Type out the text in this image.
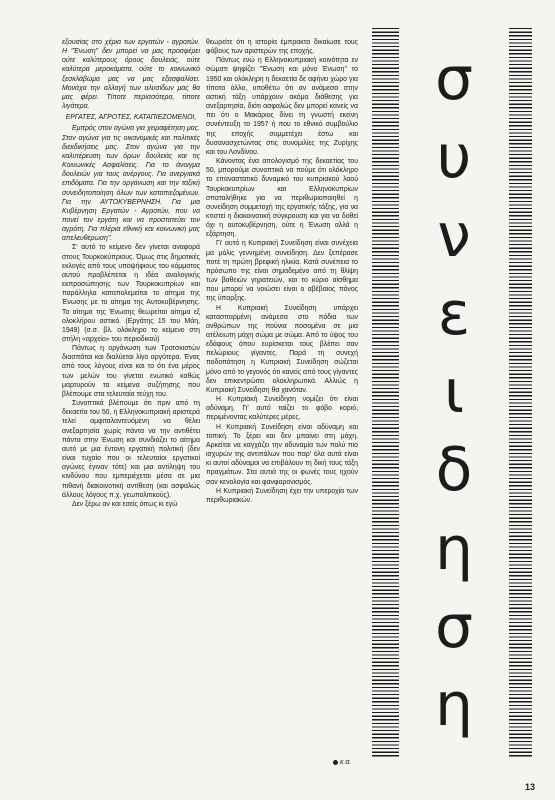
εξουσίας στο χέρια των εργατών - αγροτών. Η "Ένωση" δεν μπορεί να μας προσφέρει ούτε καλύτερους όρους δουλειάς, ούτε καλύτερα μεροκάματα, ούτε το κοινωνικό ξεσκλάβωμα μας να μας εξασφαλίσει. Μονάχα την αλλαγή των αλυσίδων μας θα μας φέρει. Τίποτε περισσότερα, τίποτε λιγότερα.

ΕΡΓΑΤΕΣ, ΑΓΡΟΤΕΣ, ΚΑΤΑΠΙΕΖΟΜΕΝΟΙ,

Εμπρός στον αγώνα για χειραφέτηση μας. Στον αγώνα για τις οικονομικές και πολιτικές διεκδικήσεις μας. Στον αγώνα για την καλυτέρευση των όρων δουλειάς και τις Κοινωνικές Ασφαλίσεις. Για το άνοιγμα δουλειών για τους ανέργους. Για ανεργιακά επιδόματα. Για την οργάνωση και την ταξική συνειδητοποίηση όλων των καταπιεζομένων. Για την ΑΥΤΟΚΥΒΕΡΝΗΣΗ. Για μια Κυβέρνηση Εργατών - Αγροτών, που να πονεί τον εργάτη και να προστατεύει τον αγρότη. Για πλέρια εθνική και κοινωνική μας απελευθέρωση".

Σ' αυτό το κείμενο δεν γίνεται αναφορά στους Τουρκοκύπριους. Όμως στις δημοτικές εκλογές από τους υποψήφιους του κόμματος αυτού προβλέπεται η ιδέα αναλογικής εκπροσώπησης των Τουρκοκυπρίων και παράλληλα καταπολεμείται το αίτημα της Ένωσης με το αίτημα της Αυτοκυβέρνησης. Το αίτημα της Ένωσης θεωρείται αίτημα εξ ολοκλήρου αστικό. (Εργάτης 15 του Μάη, 1949) (σ.σ. βλ. ολόκληρο το κείμενο στη στήλη «αρχείο» του περιοδικού)

Πάντως η οργάνωση των Τροτσκιστών διασπάται και διαλύεται λίγο αργότερα. Ένας από τους λόγους είναι και το ότι ένα μέρος των μελών του γίνεται ενωτικό καθώς μαρτυρούν τα κείμενα συζήτησης που βλέπουμε στα τελευταία τεύχη του.

Συνοπτικά βλέπουμε ότι πριν από τη δεκαετία του 50, η Ελληνοκυπριακή αριστερά τελεί αμφιταλαντευόμενη να θέλει ανεξαρτησία χωρίς πάντα να την αντιθέτει πάντα στην Ένωση και συνδιάζει το αίτημα αυτό με μια έντονη εργατική πολιτική (δεν είναι τυχαίο που οι τελευταίοι εργατικοί αγώνες έγιναν τότε) και μια αντίληψη του κινδύνου που εμπεριέχεται μέσα σε μια πιθανή διακοινοτική αντίθεση (και ασφαλώς άλλους λόγους π.χ. γεωπολιτικούς).

Δεν ξέρω αν και εσείς όπως κι εγώ

θεωρείτε ότι η ιστορία έμπρακτα δικαίωσε τους φόβους των αριστερών της εποχής.

Πάντως ενώ η Ελληνοκυπριακή κοινότητα εν σώματι ψηφίζει "Ένωση και μόνο Ένωση" το 1950 και ολόκληρη η δεκαετία δε αφήνει χώρο για τίποτα άλλο, υποθέτω ότι αν ανάμεσα στην αστική τάξη υπάρχουν ακόμα διάθεσης για ανεξαρτησία, διότι ασφαλώς δεν μπορεί κανείς να πει ότι ο Μακάριος δίνει τη γνωστή εκείνη συνέντευξη το 1957 ή που το εθνικό συμβούλιο της εποχής συμμετέχει έστω και δυσανασχετώντας στις συνομιλίες της Ζυρίχης και του Λονδίνου.

Κάνοντας ένα απολογισμό της δεκαετίας του 50, μπορούμε συνοπτικά να πούμε ότι ολόκληρο το επαναστατικό δυναμικό του κυπριακού λαού Τουρκοκυπρίων και Ελληνοκυπρίων σπαταλήθηκε για να περιθωριοποιηθεί η συνείδηση συμμετοχή της εργατικής τάξης, για να κτιστεί η διακοινοτική σύγκρουση και για να δοθεί όχι η αυτοκυβέρνηση, ούτε η Ένωση αλλά η εξάρτηση.

Γι' αυτό η Κυπριακή Συνείδηση είναι συνέχεια μα μόλις γεννημένη συνείδηση. Δεν ξεπέρασε ποτέ τη πρώτη βρεφική ηλικία. Κατά συνέπεια το πρόσωπο της είναι σημαδεμένο από τη θλίψη των βαθειών γηρατειών, και το κύριο αίσθημα που μπορεί να νοιώσει είναι ο αβέβαιος πόνος της ύπαρξης.

Η Κυπριακή Συνείδηση υπάρχει κατασπαρμένη ανάμεσα στο πόδια των ανθρώπων της πούνια ποσομένα σε μια ατέλειωτη μάχη σώμα με σώμα. Από το ύψος του εδάφους όπου ευρίσκεται τους βλέπει σαν πελώριους γίγαντες. Παρά τη συνεχή ποδοπάτηση η Κυπριακή Συνείδηση σώζεται μόνο από το γεγονός ότι κανείς από τους γίγαντες δεν επικεντρώσει ολοκληρωτικά. Αλλιώς η Κυπριακή Συνείδηση θα χανόταν.

Η Κυπριακή Συνείδηση νομίζει ότι είναι αδύναμη. Γι' αυτό ταίζει το φόβο κοριό, περιμένοντας καλύτερες μέρες.

Η Κυπριακή Συνείδηση είναι αδύναμη και τοπική. Το ξέρει και δεν μπαίνει στη μάχη. Αρκείται να καγχάζει την αδυναμία των πολύ πιο ισχυρών της αντιπάλων που παρ' όλα αυτά είναι κι αυτοί αδύναμοι να επιβάλουν τη δική τους τάξη πραγμάτων. Στα αυτιά της οι φωνές τους ηχούν σαν κενολογία και φανφαρονισμός.

Η Κυπριακή Συνείδηση έχει την υπεροχία των περιθωριακών.

σ
υ
ν
ε
ι
δ
η
σ
η
κ.α.
13
